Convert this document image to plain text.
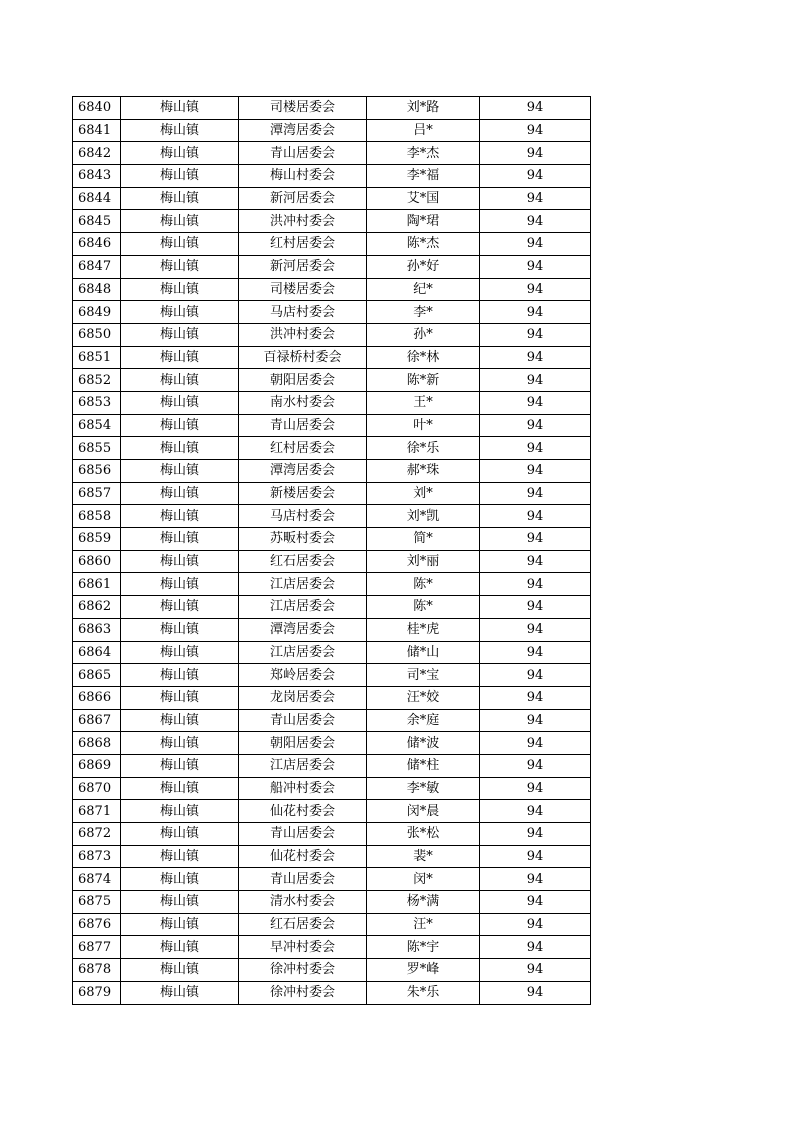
6840	梅山镇	司楼居委会	刘*路	94
6841	梅山镇	潭湾居委会	吕*	94
6842	梅山镇	青山居委会	李*杰	94
6843	梅山镇	梅山村委会	李*福	94
6844	梅山镇	新河居委会	艾*国	94
6845	梅山镇	洪冲村委会	陶*珺	94
6846	梅山镇	红村居委会	陈*杰	94
6847	梅山镇	新河居委会	孙*好	94
6848	梅山镇	司楼居委会	纪*	94
6849	梅山镇	马店村委会	李*	94
6850	梅山镇	洪冲村委会	孙*	94
6851	梅山镇	百禄桥村委会	徐*林	94
6852	梅山镇	朝阳居委会	陈*新	94
6853	梅山镇	南水村委会	王*	94
6854	梅山镇	青山居委会	叶*	94
6855	梅山镇	红村居委会	徐*乐	94
6856	梅山镇	潭湾居委会	郝*珠	94
6857	梅山镇	新楼居委会	刘*	94
6858	梅山镇	马店村委会	刘*凯	94
6859	梅山镇	苏畈村委会	简*	94
6860	梅山镇	红石居委会	刘*丽	94
6861	梅山镇	江店居委会	陈*	94
6862	梅山镇	江店居委会	陈*	94
6863	梅山镇	潭湾居委会	桂*虎	94
6864	梅山镇	江店居委会	储*山	94
6865	梅山镇	郑岭居委会	司*宝	94
6866	梅山镇	龙岗居委会	汪*姣	94
6867	梅山镇	青山居委会	余*庭	94
6868	梅山镇	朝阳居委会	储*波	94
6869	梅山镇	江店居委会	储*柱	94
6870	梅山镇	船冲村委会	李*敏	94
6871	梅山镇	仙花村委会	闵*晨	94
6872	梅山镇	青山居委会	张*松	94
6873	梅山镇	仙花村委会	裴*	94
6874	梅山镇	青山居委会	闵*	94
6875	梅山镇	清水村委会	杨*满	94
6876	梅山镇	红石居委会	汪*	94
6877	梅山镇	早冲村委会	陈*宇	94
6878	梅山镇	徐冲村委会	罗*峰	94
6879	梅山镇	徐冲村委会	朱*乐	94
